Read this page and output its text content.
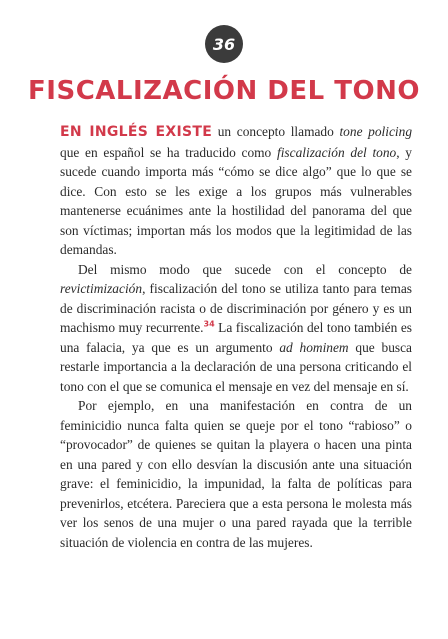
36
FISCALIZACIÓN DEL TONO

EN INGLÉS EXISTE un concepto llamado tone policing que en español se ha traducido como fiscalización del tono, y sucede cuando importa más “cómo se dice algo” que lo que se dice. Con esto se les exige a los grupos más vulnerables mantenerse ecuánimes ante la hostilidad del panorama del que son víctimas; importan más los modos que la legitimidad de las demandas.

Del mismo modo que sucede con el concepto de revictimización, fiscalización del tono se utiliza tanto para temas de discriminación racista o de discriminación por género y es un machismo muy recurrente.$^{34}$ La fiscalización del tono también es una falacia, ya que es un argumento ad hominem que busca restarle importancia a la declaración de una persona criticando el tono con el que se comunica el mensaje en vez del mensaje en sí.

Por ejemplo, en una manifestación en contra de un feminicidio nunca falta quien se queje por el tono “rabioso” o “provocador” de quienes se quitan la playera o hacen una pinta en una pared y con ello desvían la discusión ante una situación grave: el feminicidio, la impunidad, la falta de políticas para prevenirlos, etcétera. Pareciera que a esta persona le molesta más ver los senos de una mujer o una pared rayada que la terrible situación de violencia en contra de las mujeres.
